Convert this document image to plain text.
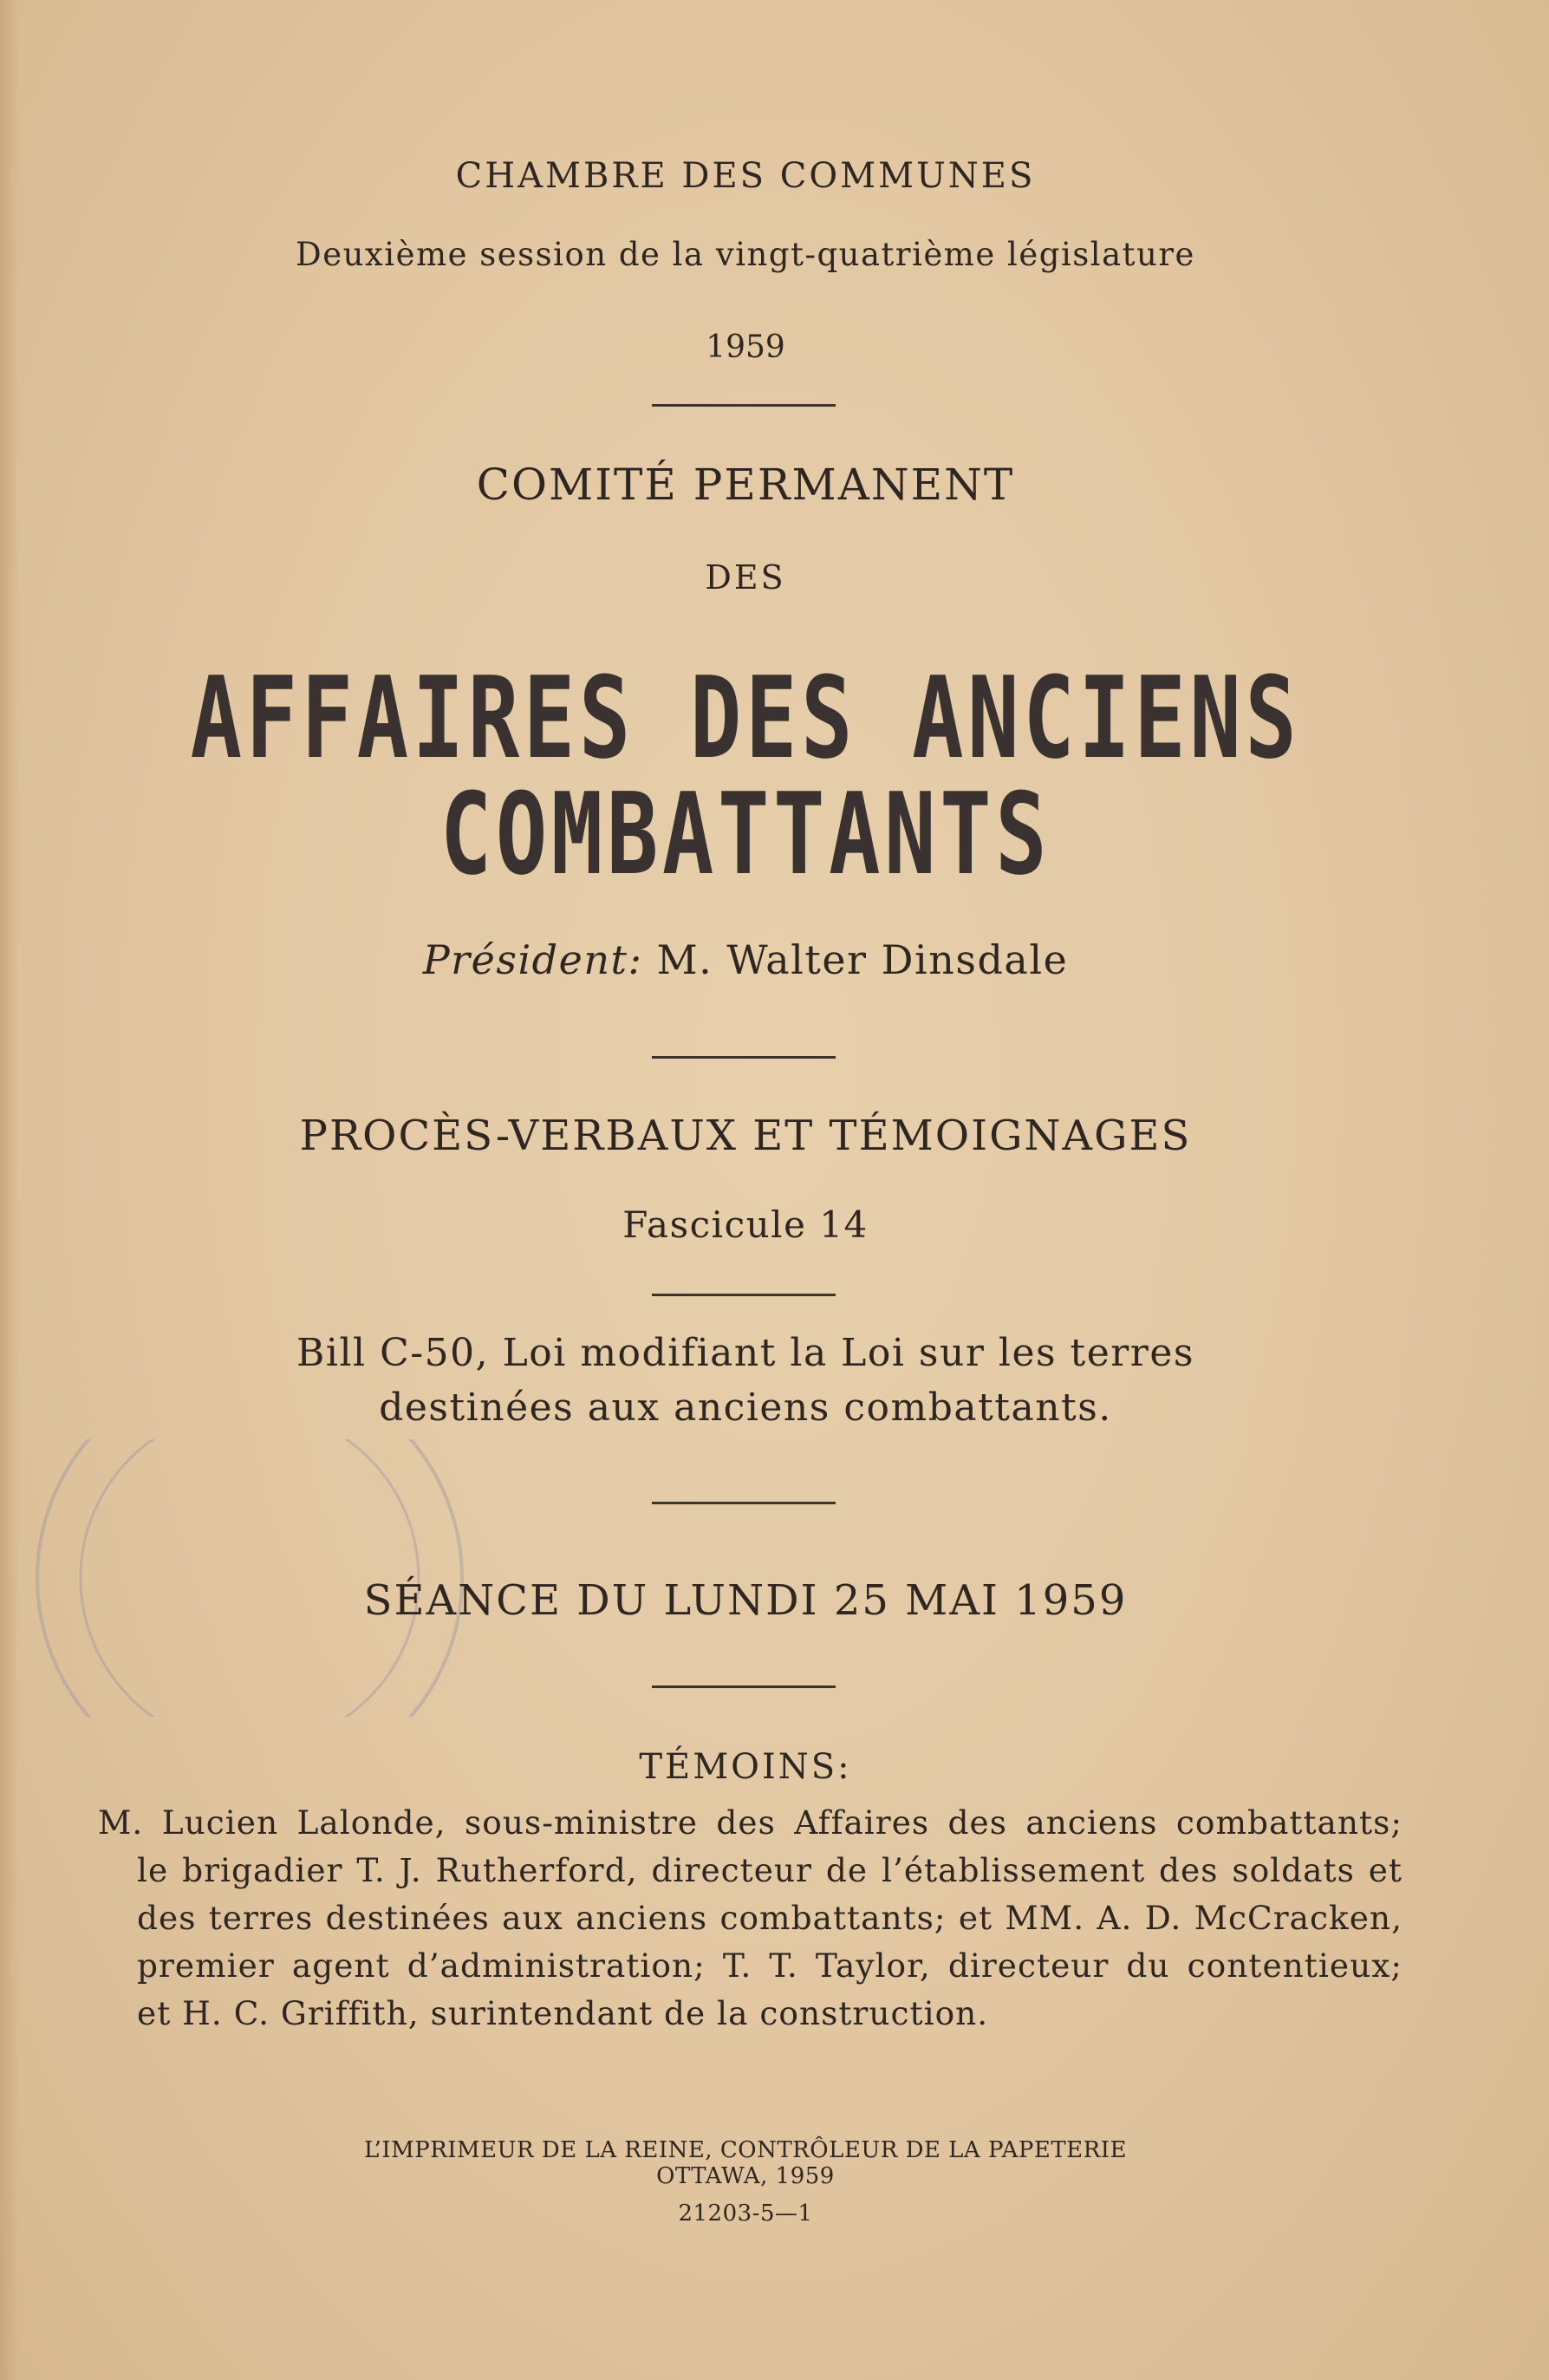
CHAMBRE DES COMMUNES
Deuxième session de la vingt-quatrième législature
1959
COMITÉ PERMANENT
DES
AFFAIRES DES ANCIENS
COMBATTANTS
Président: M. Walter Dinsdale
PROCÈS-VERBAUX ET TÉMOIGNAGES
Fascicule 14
Bill C-50, Loi modifiant la Loi sur les terres
destinées aux anciens combattants.
SÉANCE DU LUNDI 25 MAI 1959
TÉMOINS:
M. Lucien Lalonde, sous-ministre des Affaires des anciens combattants;
le brigadier T. J. Rutherford, directeur de l’établissement des soldats et
des terres destinées aux anciens combattants; et MM. A. D. McCracken,
premier agent d’administration; T. T. Taylor, directeur du contentieux;
et H. C. Griffith, surintendant de la construction.
L’IMPRIMEUR DE LA REINE, CONTRÔLEUR DE LA PAPETERIE
OTTAWA, 1959
21203-5—1
